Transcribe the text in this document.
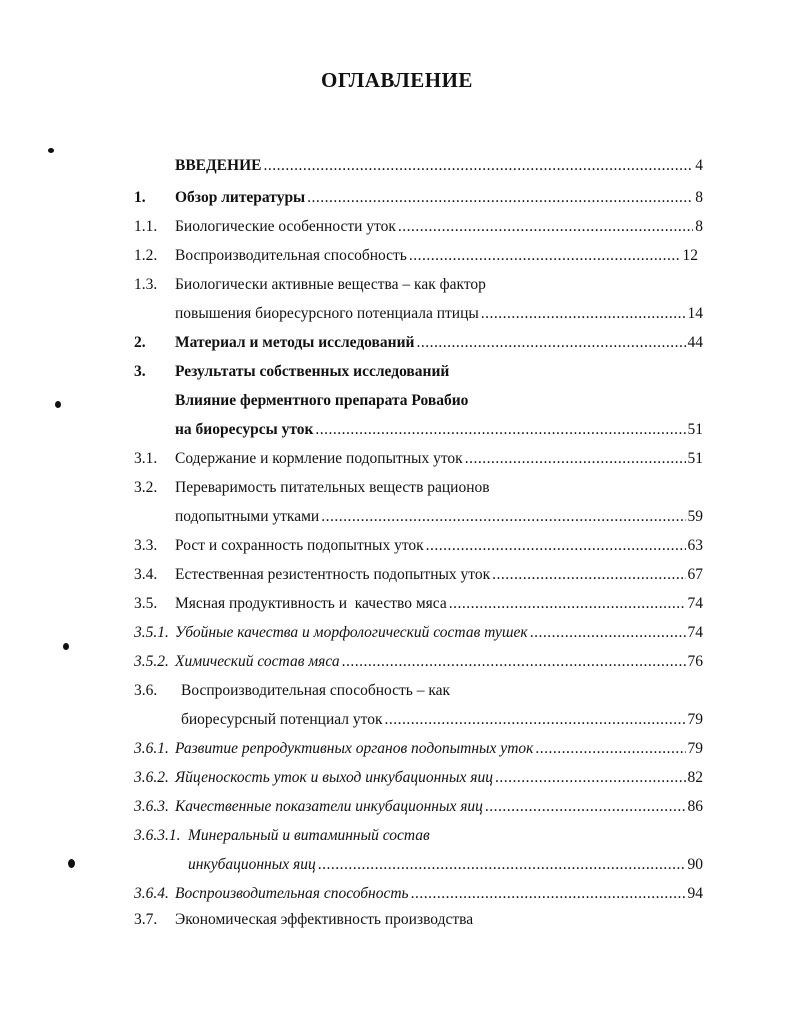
ОГЛАВЛЕНИЕ
ВВЕДЕНИЕ .....	4
1. Обзор литературы .....	8
1.1. Биологические особенности уток .....	8
1.2. Воспроизводительная способность .....	12
1.3. Биологически активные вещества – как фактор
повышения биоресурсного потенциала птицы .....	14
2. Материал и методы исследований .....	44
3. Результаты собственных исследований
Влияние ферментного препарата Ровабио
на биоресурсы уток .....	51
3.1. Содержание и кормление подопытных уток .....	51
3.2. Переваримость питательных веществ рационов
подопытными утками .....	59
3.3. Рост и сохранность подопытных уток .....	63
3.4. Естественная резистентность подопытных уток .....	67
3.5. Мясная продуктивность и  качество мяса .....	74
3.5.1. Убойные качества и морфологический состав тушек .....	74
3.5.2. Химический состав мяса .....	76
3.6. Воспроизводительная способность – как
биоресурсный потенциал уток .....	79
3.6.1. Развитие репродуктивных органов подопытных уток .....	79
3.6.2. Яйценоскость уток и выход инкубационных яиц .....	82
3.6.3. Качественные показатели инкубационных яиц .....	86
3.6.3.1. Минеральный и витаминный состав
инкубационных яиц .....	90
3.6.4. Воспроизводительная способность .....	94
3.7. Экономическая эффективность производства
